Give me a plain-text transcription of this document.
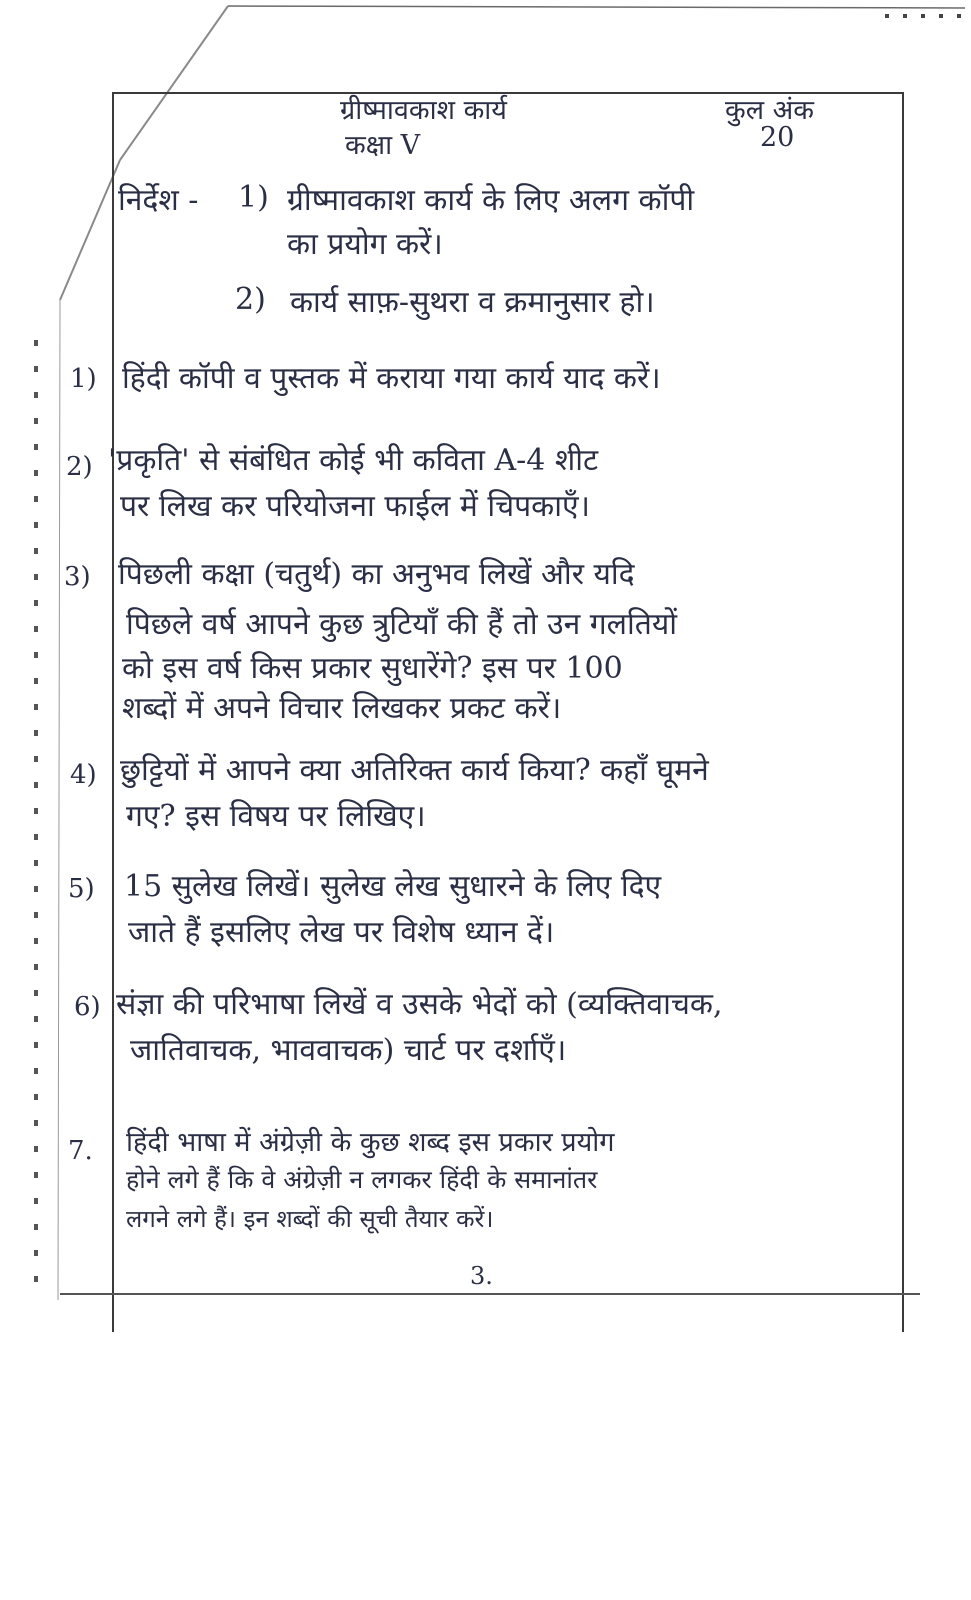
ग्रीष्मावकाश कार्य
कक्षा V
कुल अंक
20
निर्देश - 1) ग्रीष्मावकाश कार्य के लिए अलग कॉपी
का प्रयोग करें।
2) कार्य साफ़-सुथरा व क्रमानुसार हो।
1) हिंदी कॉपी व पुस्तक में कराया गया कार्य याद करें।
2) 'प्रकृति' से संबंधित कोई भी कविता A-4 शीट
पर लिख कर परियोजना फाईल में चिपकाएँ।
3) पिछली कक्षा (चतुर्थ) का अनुभव लिखें और यदि
पिछले वर्ष आपने कुछ त्रुटियाँ की हैं तो उन गलतियों
को इस वर्ष किस प्रकार सुधारेंगे? इस पर 100
शब्दों में अपने विचार लिखकर प्रकट करें।
4) छुट्टियों में आपने क्या अतिरिक्त कार्य किया? कहाँ घूमने
गए? इस विषय पर लिखिए।
5) 15 सुलेख लिखें। सुलेख लेख सुधारने के लिए दिए
जाते हैं इसलिए लेख पर विशेष ध्यान दें।
6) संज्ञा की परिभाषा लिखें व उसके भेदों को (व्यक्तिवाचक,
जातिवाचक, भाववाचक) चार्ट पर दर्शाएँ।
7. हिंदी भाषा में अंग्रेज़ी के कुछ शब्द इस प्रकार प्रयोग
होने लगे हैं कि वे अंग्रेज़ी न लगकर हिंदी के समानांतर
लगने लगे हैं। इन शब्दों की सूची तैयार करें।
3.
